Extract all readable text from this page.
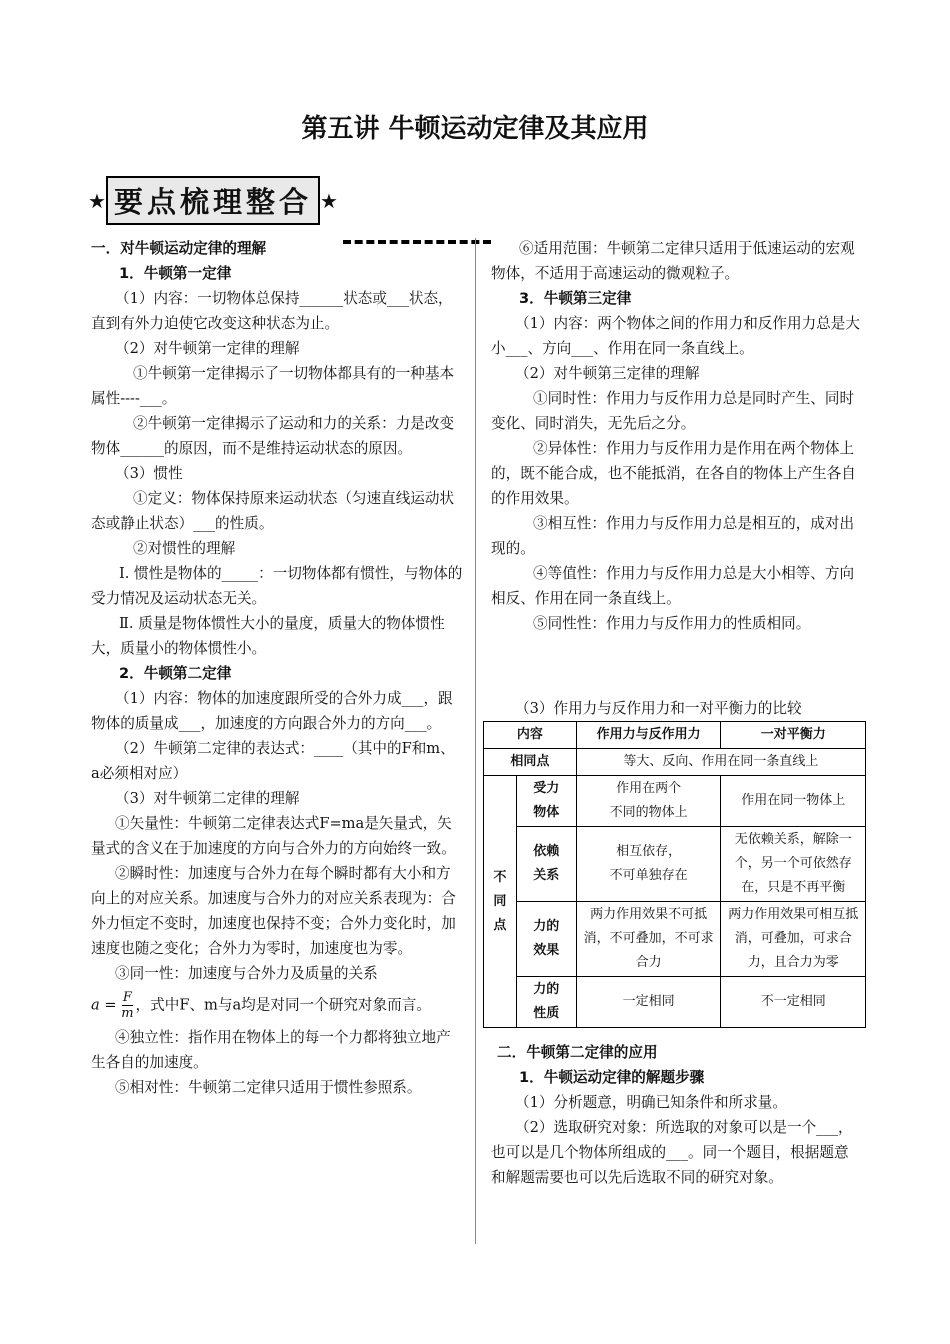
第五讲 牛顿运动定律及其应用
★ 要点梳理整合 ★

一．对牛顿运动定律的理解

1．牛顿第一定律

（1）内容：一切物体总保持______状态或___状态，直到有外力迫使它改变这种状态为止。

（2）对牛顿第一定律的理解

①牛顿第一定律揭示了一切物体都具有的一种基本属性----___。

②牛顿第一定律揭示了运动和力的关系：力是改变物体______的原因，而不是维持运动状态的原因。

（3）惯性

①定义：物体保持原来运动状态（匀速直线运动状态或静止状态）___的性质。

②对惯性的理解

Ⅰ. 惯性是物体的_____：一切物体都有惯性，与物体的受力情况及运动状态无关。

Ⅱ. 质量是物体惯性大小的量度，质量大的物体惯性大，质量小的物体惯性小。

2．牛顿第二定律

（1）内容：物体的加速度跟所受的合外力成___，跟物体的质量成___，加速度的方向跟合外力的方向___。

（2）牛顿第二定律的表达式：____（其中的F和m、a必须相对应）

（3）对牛顿第二定律的理解

①矢量性：牛顿第二定律表达式F=ma是矢量式，矢量式的含义在于加速度的方向与合外力的方向始终一致。

②瞬时性：加速度与合外力在每个瞬时都有大小和方向上的对应关系。加速度与合外力的对应关系表现为：合外力恒定不变时，加速度也保持不变；合外力变化时，加速度也随之变化；合外力为零时，加速度也为零。

③同一性：加速度与合外力及质量的关系

$a = \frac{F}{m}$ ，式中F、m与a均是对同一个研究对象而言。

④独立性：指作用在物体上的每一个力都将独立地产生各自的加速度。

⑤相对性：牛顿第二定律只适用于惯性参照系。

⑥适用范围：牛顿第二定律只适用于低速运动的宏观物体，不适用于高速运动的微观粒子。

3．牛顿第三定律

（1）内容：两个物体之间的作用力和反作用力总是大小___、方向___、作用在同一条直线上。

（2）对牛顿第三定律的理解

①同时性：作用力与反作用力总是同时产生、同时变化、同时消失，无先后之分。

②异体性：作用力与反作用力是作用在两个物体上的，既不能合成，也不能抵消，在各自的物体上产生各自的作用效果。

③相互性：作用力与反作用力总是相互的，成对出现的。

④等值性：作用力与反作用力总是大小相等、方向相反、作用在同一条直线上。

⑤同性性：作用力与反作用力的性质相同。

（3）作用力与反作用力和一对平衡力的比较

内容		作用力与反作用力	一对平衡力
相同点		等大、反向、作用在同一条直线上	
不
同
点	受力
物体	作用在两个
不同的物体上	作用在同一物体上
	依赖
关系	相互依存，
不可单独存在	无依赖关系，解除一个，另一个可依然存在，只是不再平衡
	力的
效果	两力作用效果不可抵消，不可叠加，不可求合力	两力作用效果可相互抵消，可叠加，可求合力，且合力为零
	力的
性质	一定相同	不一定相同

二．牛顿第二定律的应用

1．牛顿运动定律的解题步骤

（1）分析题意，明确已知条件和所求量。

（2）选取研究对象：所选取的对象可以是一个___，也可以是几个物体所组成的___。同一个题目，根据题意和解题需要也可以先后选取不同的研究对象。
